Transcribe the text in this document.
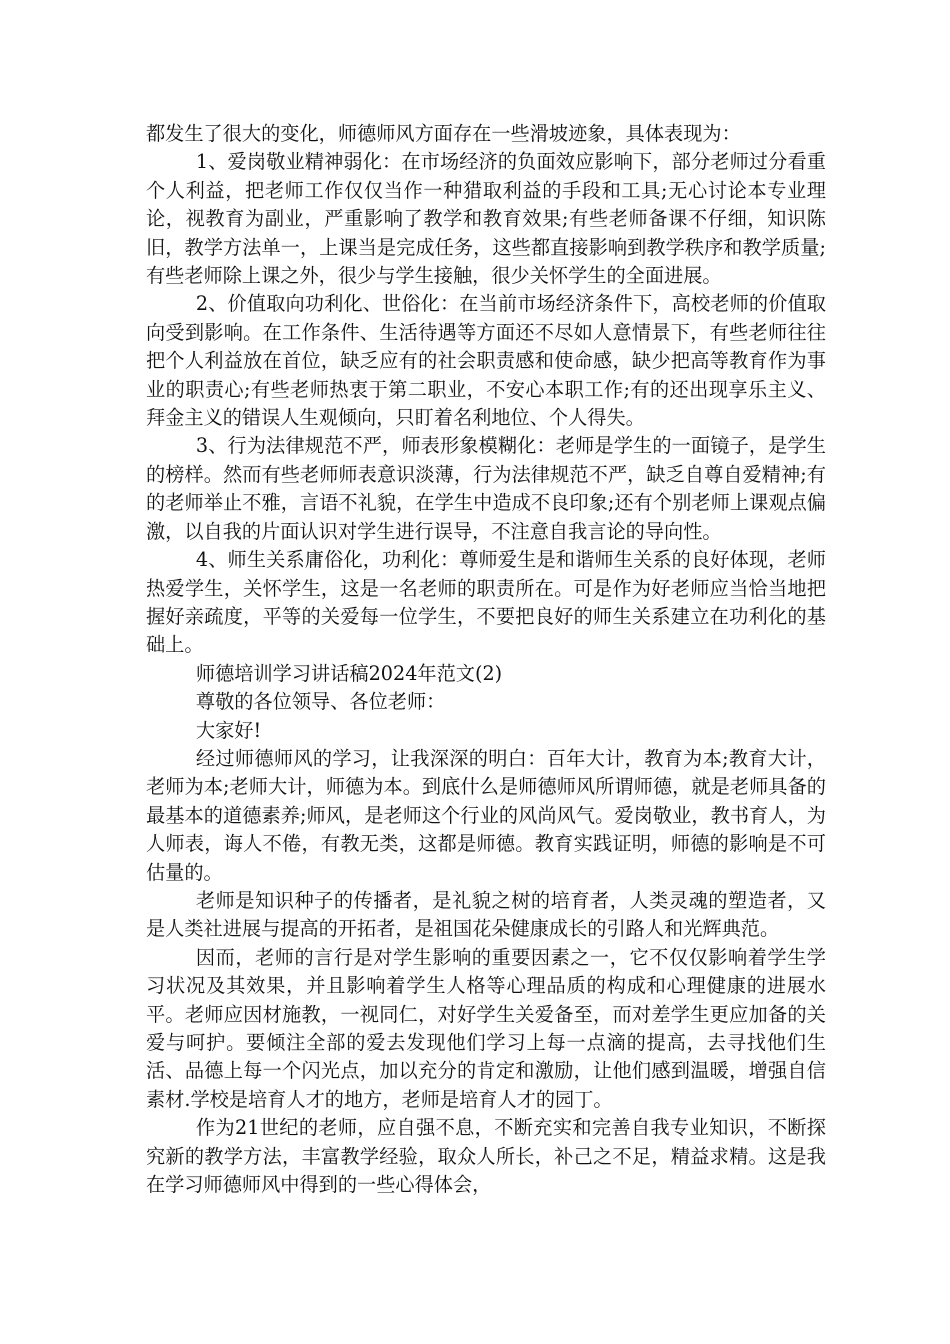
都发生了很大的变化，师德师风方面存在一些滑坡迹象，具体表现为：

1、爱岗敬业精神弱化：在市场经济的负面效应影响下，部分老师过分看重个人利益，把老师工作仅仅当作一种猎取利益的手段和工具;无心讨论本专业理论，视教育为副业，严重影响了教学和教育效果;有些老师备课不仔细，知识陈旧，教学方法单一，上课当是完成任务，这些都直接影响到教学秩序和教学质量;有些老师除上课之外，很少与学生接触，很少关怀学生的全面进展。

2、价值取向功利化、世俗化：在当前市场经济条件下，高校老师的价值取向受到影响。在工作条件、生活待遇等方面还不尽如人意情景下，有些老师往往把个人利益放在首位，缺乏应有的社会职责感和使命感，缺少把高等教育作为事业的职责心;有些老师热衷于第二职业，不安心本职工作;有的还出现享乐主义、拜金主义的错误人生观倾向，只盯着名利地位、个人得失。

3、行为法律规范不严，师表形象模糊化：老师是学生的一面镜子，是学生的榜样。然而有些老师师表意识淡薄，行为法律规范不严，缺乏自尊自爱精神;有的老师举止不雅，言语不礼貌，在学生中造成不良印象;还有个别老师上课观点偏激，以自我的片面认识对学生进行误导，不注意自我言论的导向性。

4、师生关系庸俗化，功利化：尊师爱生是和谐师生关系的良好体现，老师热爱学生，关怀学生，这是一名老师的职责所在。可是作为好老师应当恰当地把握好亲疏度，平等的关爱每一位学生，不要把良好的师生关系建立在功利化的基础上。

师德培训学习讲话稿2024年范文(2)

尊敬的各位领导、各位老师：

大家好!

经过师德师风的学习，让我深深的明白：百年大计，教育为本;教育大计，老师为本;老师大计，师德为本。到底什么是师德师风所谓师德，就是老师具备的最基本的道德素养;师风，是老师这个行业的风尚风气。爱岗敬业，教书育人，为人师表，诲人不倦，有教无类，这都是师德。教育实践证明，师德的影响是不可估量的。

老师是知识种子的传播者，是礼貌之树的培育者，人类灵魂的塑造者，又是人类社进展与提高的开拓者，是祖国花朵健康成长的引路人和光辉典范。

因而，老师的言行是对学生影响的重要因素之一，它不仅仅影响着学生学习状况及其效果，并且影响着学生人格等心理品质的构成和心理健康的进展水平。老师应因材施教，一视同仁，对好学生关爱备至，而对差学生更应加备的关爱与呵护。要倾注全部的爱去发现他们学习上每一点滴的提高，去寻找他们生活、品德上每一个闪光点，加以充分的肯定和激励，让他们感到温暖，增强自信素材.学校是培育人才的地方，老师是培育人才的园丁。

作为21世纪的老师，应自强不息，不断充实和完善自我专业知识，不断探究新的教学方法，丰富教学经验，取众人所长，补己之不足，精益求精。这是我在学习师德师风中得到的一些心得体会，
